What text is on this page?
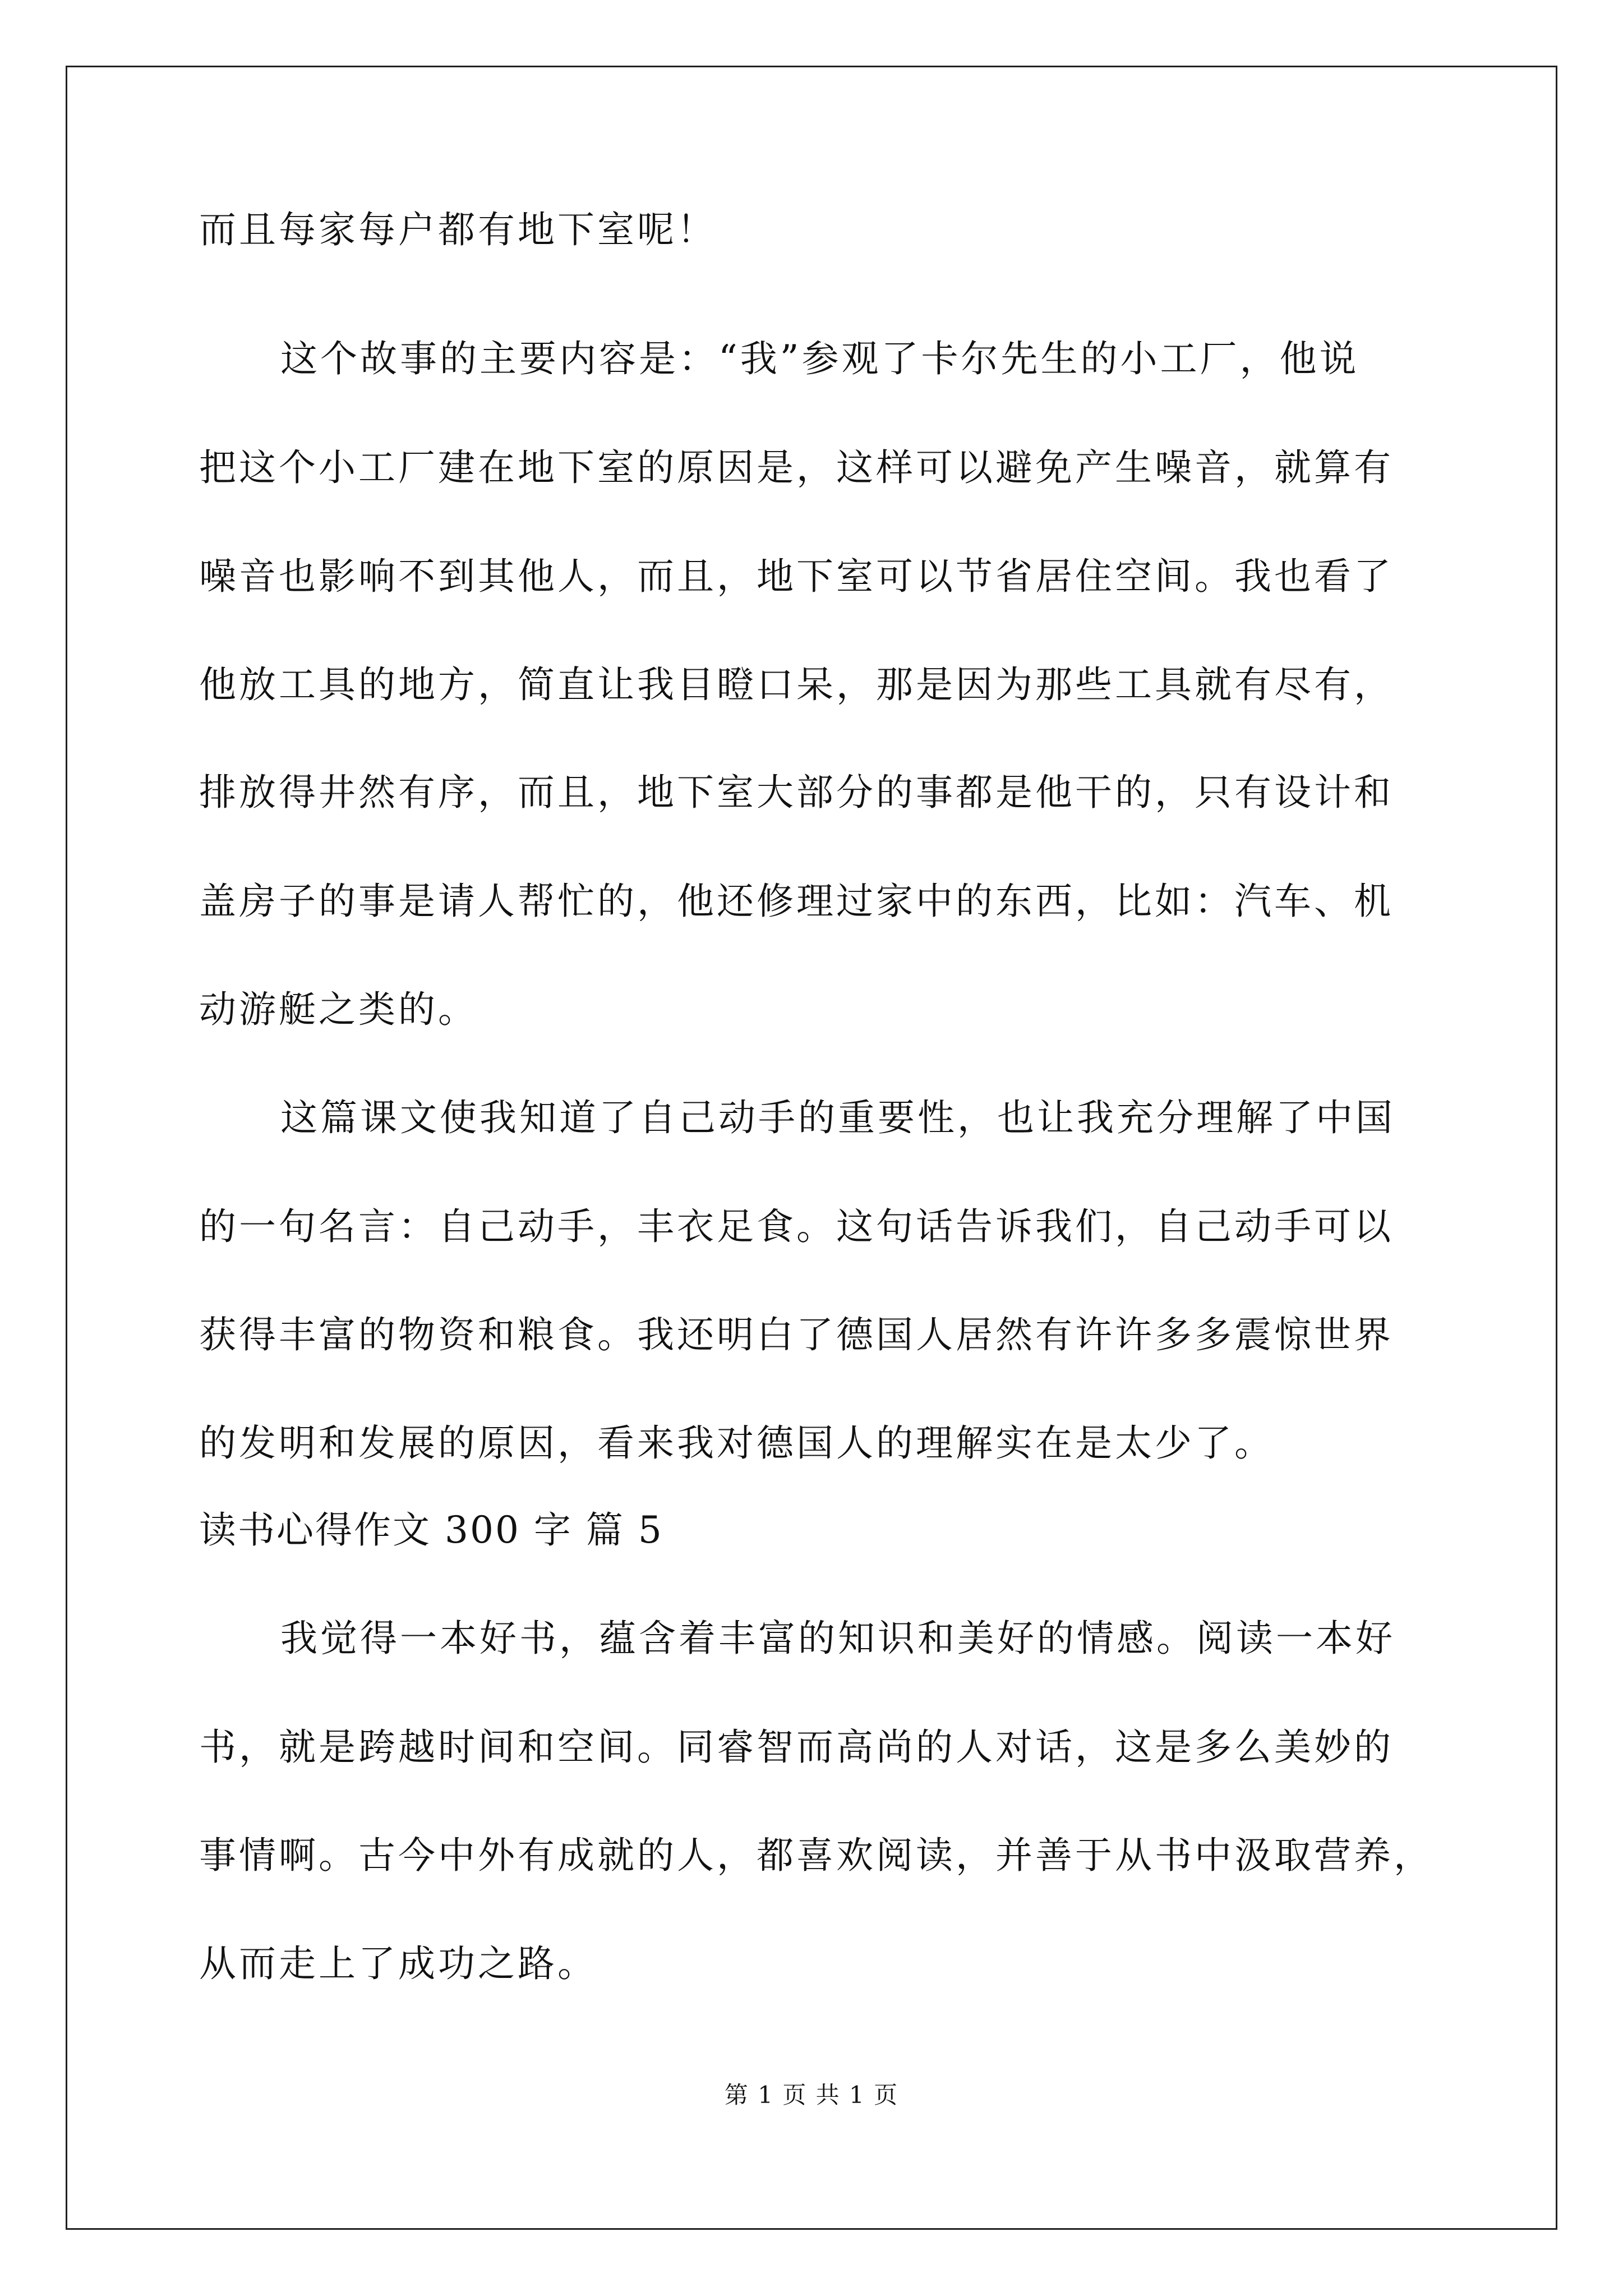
而且每家每户都有地下室呢！
这个故事的主要内容是：“我”参观了卡尔先生的小工厂，他说
把这个小工厂建在地下室的原因是，这样可以避免产生噪音，就算有
噪音也影响不到其他人，而且，地下室可以节省居住空间。我也看了
他放工具的地方，简直让我目瞪口呆，那是因为那些工具就有尽有，
排放得井然有序，而且，地下室大部分的事都是他干的，只有设计和
盖房子的事是请人帮忙的，他还修理过家中的东西，比如：汽车、机
动游艇之类的。
这篇课文使我知道了自己动手的重要性，也让我充分理解了中国
的一句名言：自己动手，丰衣足食。这句话告诉我们，自己动手可以
获得丰富的物资和粮食。我还明白了德国人居然有许许多多震惊世界
的发明和发展的原因，看来我对德国人的理解实在是太少了。
读书心得作文 300 字 篇 5
我觉得一本好书，蕴含着丰富的知识和美好的情感。阅读一本好
书，就是跨越时间和空间。同睿智而高尚的人对话，这是多么美妙的
事情啊。古今中外有成就的人，都喜欢阅读，并善于从书中汲取营养，
从而走上了成功之路。
第 1 页 共 1 页
